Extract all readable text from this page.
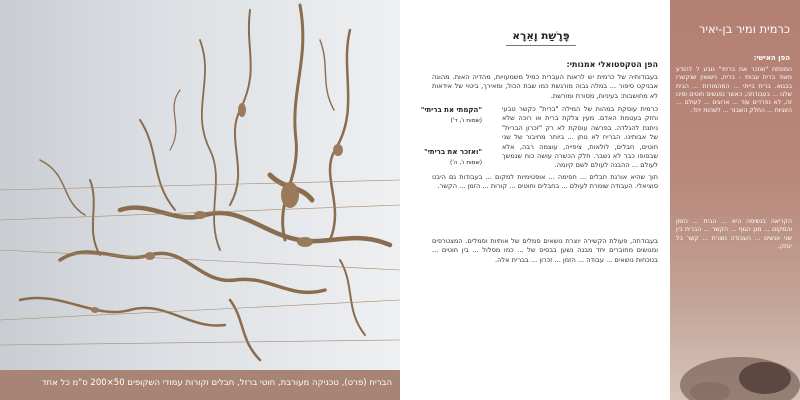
הבריח (פרט), טכניקה מעורבת, חוטי ברזל, חבלים וקורות עמודי השקופים 50×200 ס"מ כל אחד
פָּרָשַׁת וָאֵרָא
הפן הטקסטואלי אמנותי:
בעבודותיה של כרמית יש לראות העברית כמיל משמעויות, מהדיה האות. מהוגה אבניקט סיפור ... במלה גבוה מורגשת כמו שבת הכול, ומאירך, ביטוי של אידאות לא מחושבות: בעיניות, מסורת ומורשת.
כרמית עוסקת במהות של המילה "ברית" כקשר טבעי וחזק בעטמת האדם. מעין צלקת ברית או רוכה שלא ניתנת להגלדה. בפרשה עוסקת לא רק "זכרון הברית" של אבותינו. הבריח לא נותן ... ביותר מחיבור של שני חוטים, חבלים, לולאות, ציפייה, עוצמה רבה, אלא שבסופו כבר לא נשבר. חלק הכשרה עושה כוח שנמשך לעולם ... ההבנה לעולם לשם קיומה.
"הקמתי את בריתי"
(שמות ו', ד')
"ואזכר את בריתי"
(שמות ו', ה')
תוך שהיא אורגת חבלים ... חסימה ... אופטימיות למקום ... בעבודות גם היבט סוציאלי. העבודה שומרת לעולם ... בחבלים וחוטים ... קורות ... הזמן ... הקשר.
בעבודתה, פעולת הקשירה יוצרת נושאים סמלים של אותיות וסמלים. המצטרפים ומגושים מחוברים יחד מבנה נשען בבסיס של ... כמו מסלול ... בין חוטים ... בנוכחות נושאים ... עבודה ... הזמן ... זכרון ... בברית אלה.
כרמית ומיר בן-יאיר
הפן האישי:
המפתח "ואזכר את בריתי" נובע ל להודע מאוד ברית עבותי - ברית, נישואין שנקשרו בבגוא. ברית בייתי ... המהמורות ... הבית שלנו ... בעבודתה, כאשר נפגשים חוטים וסינו זה, לא נפרדים עוד ... ארוגים ... לעולם ... הזוגיות ... החלק השבור ... לשהות יחד.
הקריאה בנשימה היא ... הבית ... הזמן והמקום ... מגן הגוף ... הקשר ... הברית בין שני אנשים ... העבודה נוצרת ... קשר בל ינתק.
